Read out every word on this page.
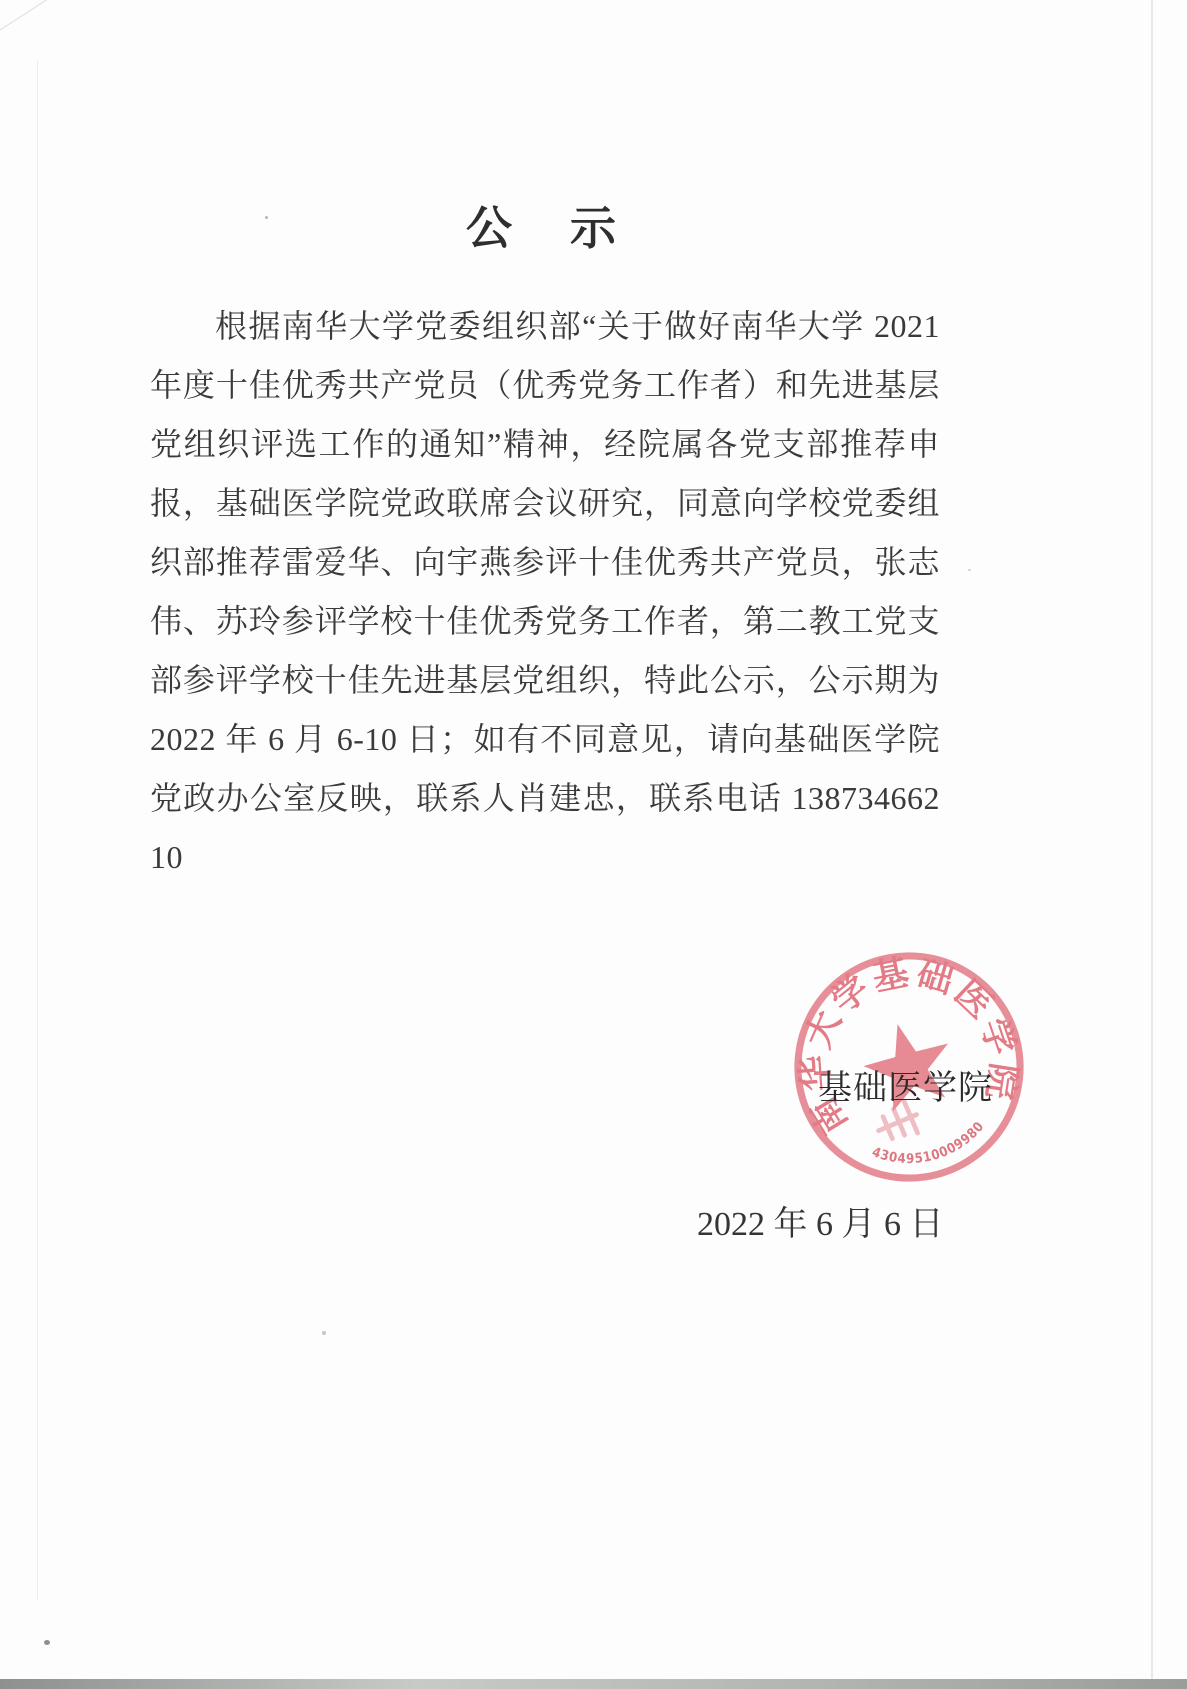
公　示

根据南华大学党委组织部“关于做好南华大学 2021 年度十佳优秀共产党员（优秀党务工作者）和先进基层党组织评选工作的通知”精神，经院属各党支部推荐申报，基础医学院党政联席会议研究，同意向学校党委组织部推荐雷爱华、向宇燕参评十佳优秀共产党员，张志伟、苏玲参评学校十佳优秀党务工作者，第二教工党支部参评学校十佳先进基层党组织，特此公示，公示期为 2022 年 6 月 6-10 日；如有不同意见，请向基础医学院党政办公室反映，联系人肖建忠，联系电话 13873466210

南华大学基础医学院
43049510009980
基础医学院
2022 年 6 月 6 日
